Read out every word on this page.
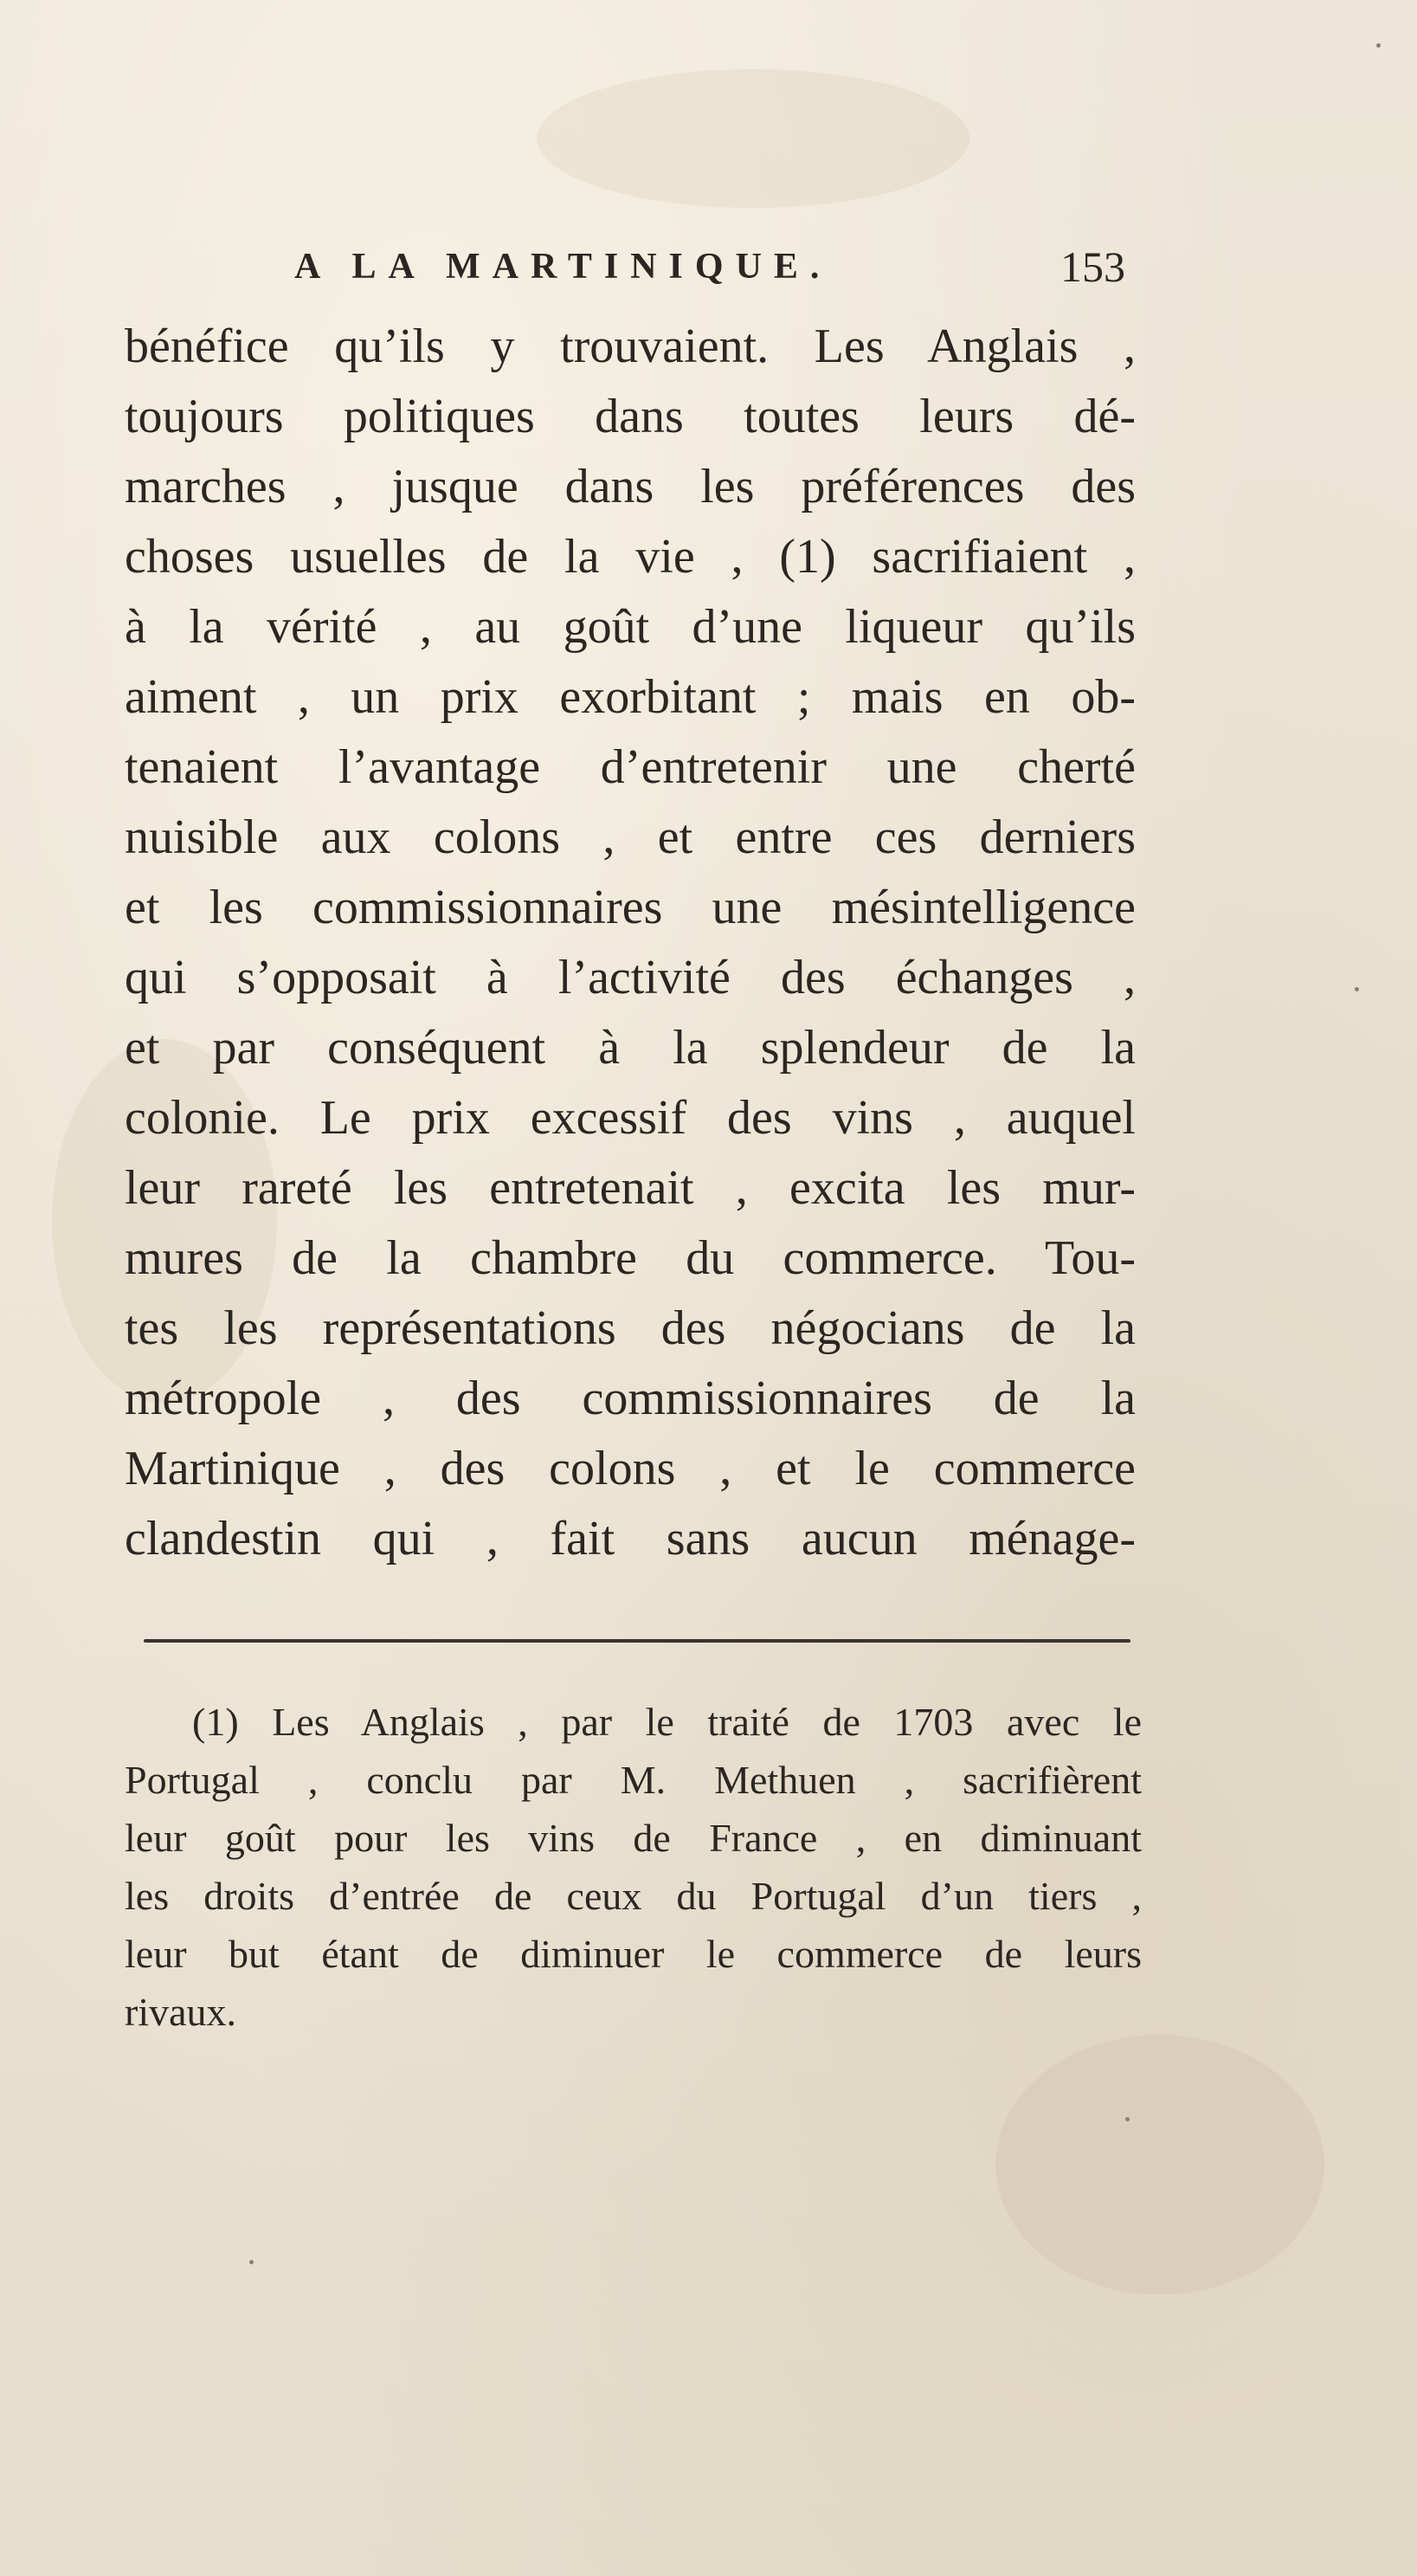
A LA MARTINIQUE.	153
bénéfice qu’ils y trouvaient. Les Anglais ,
toujours politiques dans toutes leurs dé-
marches , jusque dans les préférences des
choses usuelles de la vie , (1) sacrifiaient ,
à la vérité , au goût d’une liqueur qu’ils
aiment , un prix exorbitant ; mais en ob-
tenaient l’avantage d’entretenir une cherté
nuisible aux colons , et entre ces derniers
et les commissionnaires une mésintelligence
qui s’opposait à l’activité des échanges ,
et par conséquent à la splendeur de la
colonie. Le prix excessif des vins , auquel
leur rareté les entretenait , excita les mur-
mures de la chambre du commerce. Tou-
tes les représentations des négocians de la
métropole , des commissionnaires de la
Martinique , des colons , et le commerce
clandestin qui , fait sans aucun ménage-
(1) Les Anglais , par le traité de 1703 avec le
Portugal , conclu par M. Methuen , sacrifièrent
leur goût pour les vins de France , en diminuant
les droits d’entrée de ceux du Portugal d’un tiers ,
leur but étant de diminuer le commerce de leurs
rivaux.
